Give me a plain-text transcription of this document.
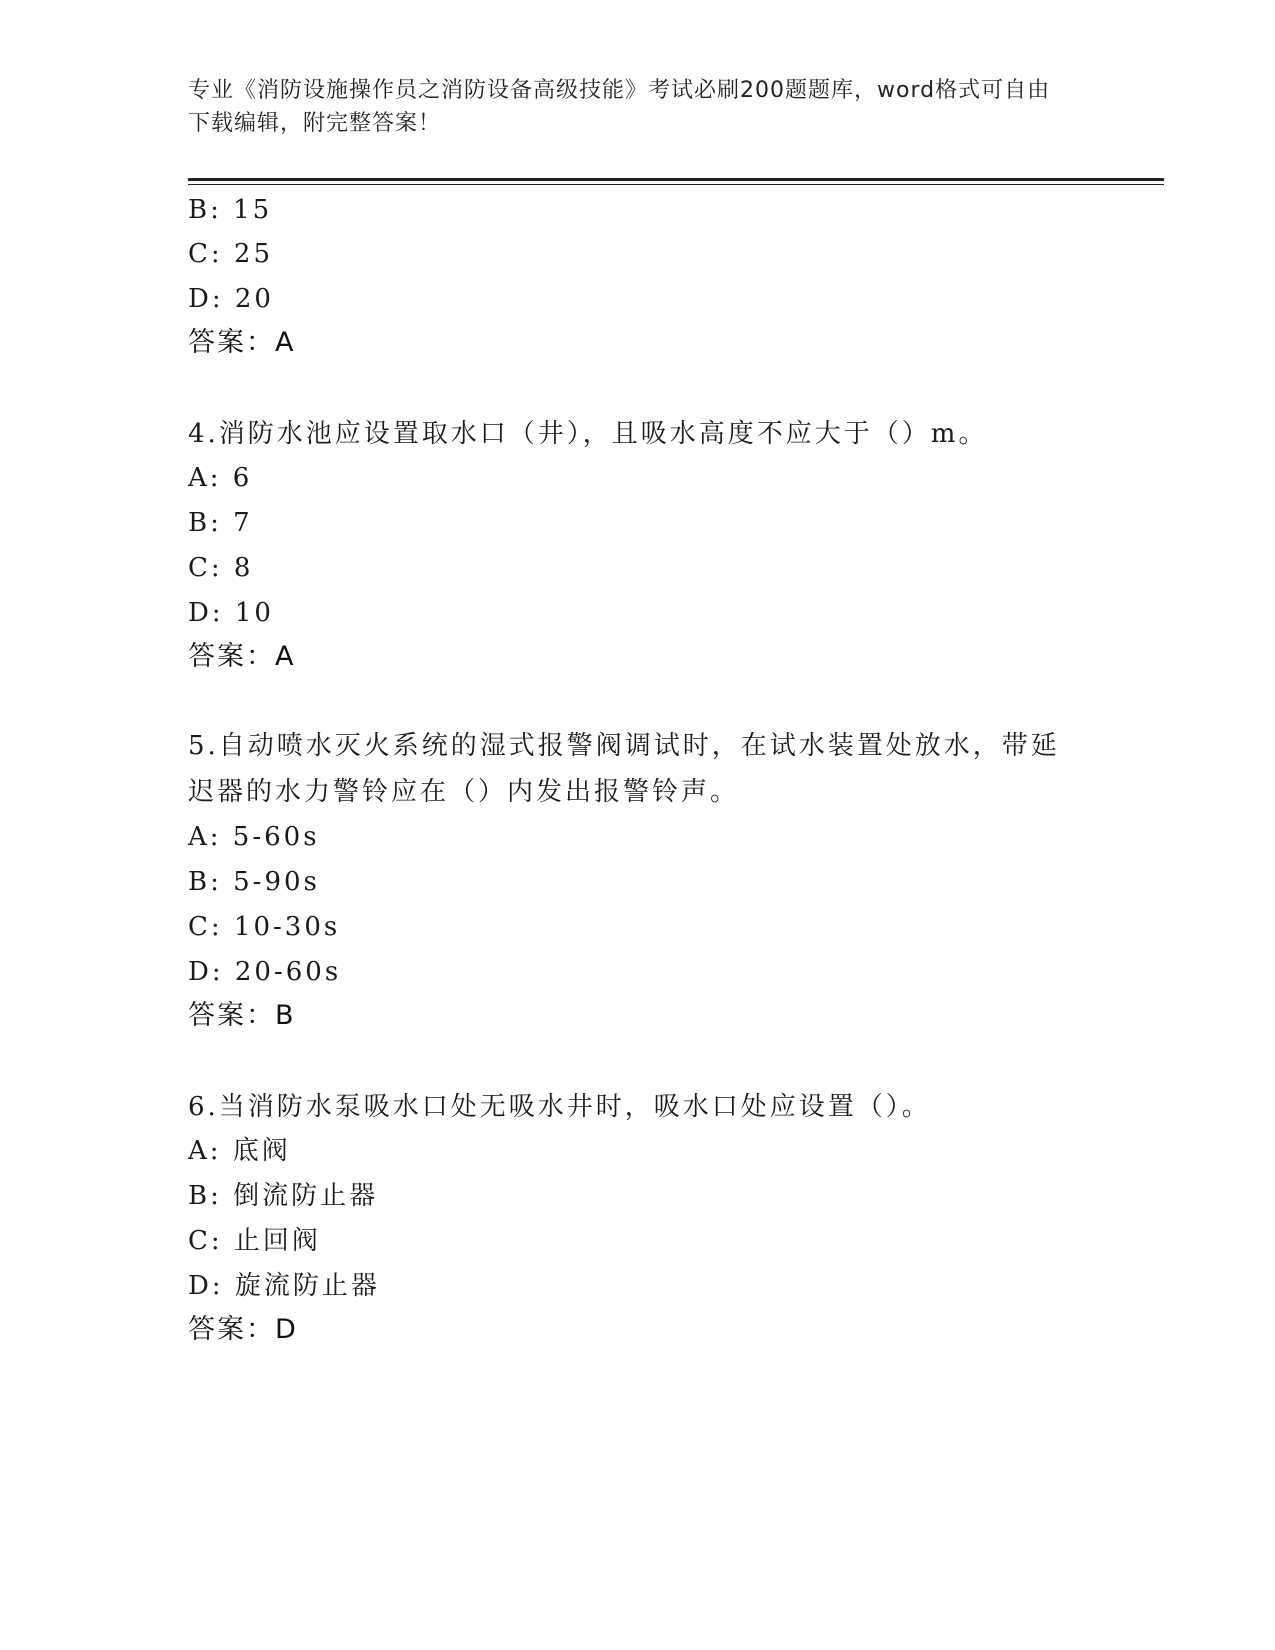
专业《消防设施操作员之消防设备高级技能》考试必刷200题题库，word格式可自由下载编辑，附完整答案！
B: 15
C: 25
D: 20
答案：A
4.消防水池应设置取水口（井），且吸水高度不应大于（）m。
A: 6
B: 7
C: 8
D: 10
答案：A
5.自动喷水灭火系统的湿式报警阀调试时，在试水装置处放水，带延迟器的水力警铃应在（）内发出报警铃声。
A: 5-60s
B: 5-90s
C: 10-30s
D: 20-60s
答案：B
6.当消防水泵吸水口处无吸水井时，吸水口处应设置（）。
A: 底阀
B: 倒流防止器
C: 止回阀
D: 旋流防止器
答案：D
